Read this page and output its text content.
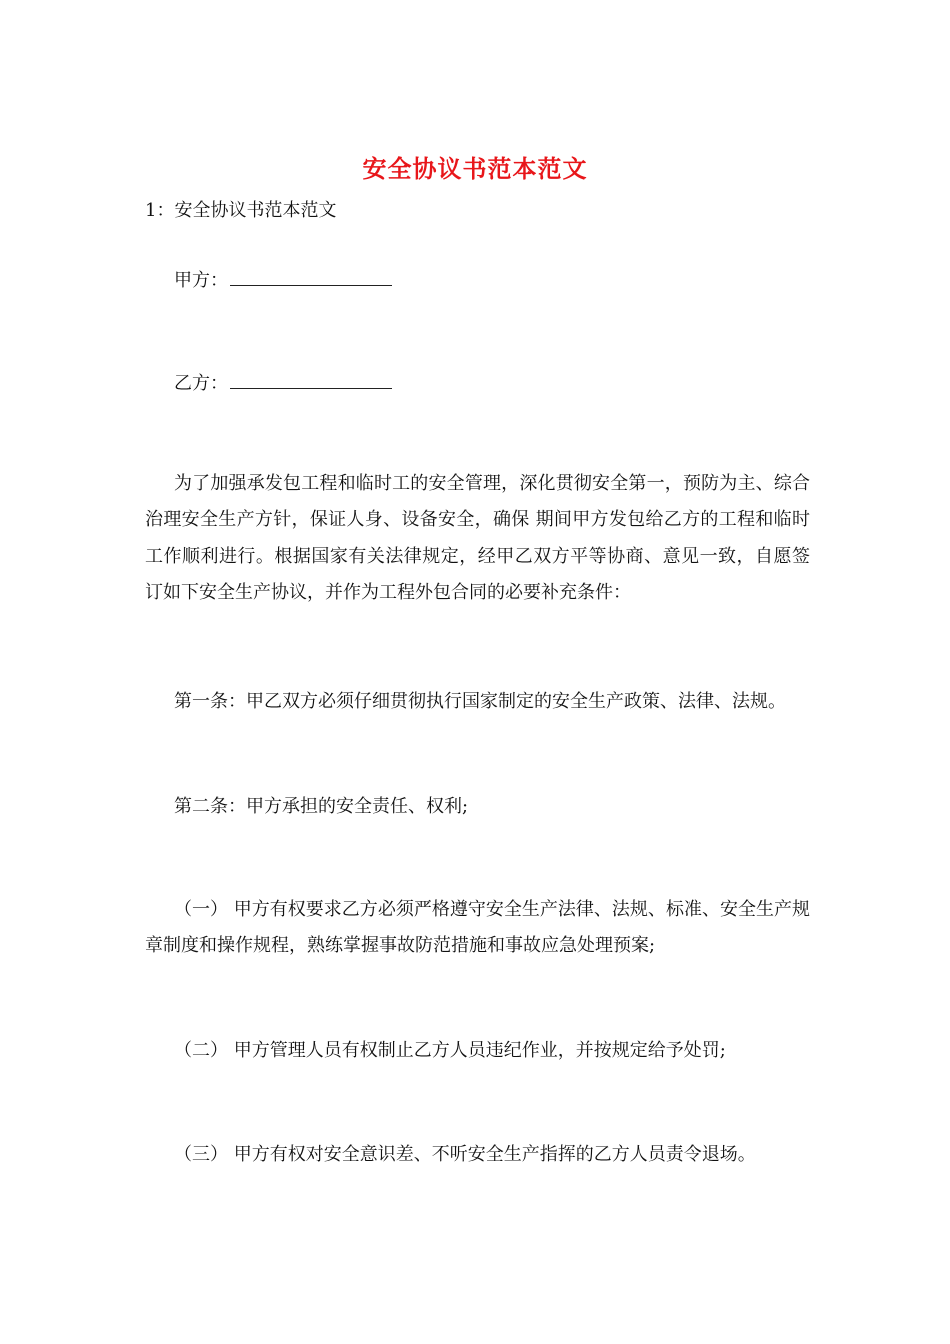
安全协议书范本范文
1：安全协议书范本范文
甲方：
乙方：

为了加强承发包工程和临时工的安全管理，深化贯彻安全第一，预防为主、综合治理安全生产方针，保证人身、设备安全，确保 期间甲方发包给乙方的工程和临时工作顺利进行。根据国家有关法律规定，经甲乙双方平等协商、意见一致，自愿签订如下安全生产协议，并作为工程外包合同的必要补充条件：

第一条：甲乙双方必须仔细贯彻执行国家制定的安全生产政策、法律、法规。

第二条：甲方承担的安全责任、权利;

（一） 甲方有权要求乙方必须严格遵守安全生产法律、法规、标准、安全生产规章制度和操作规程，熟练掌握事故防范措施和事故应急处理预案;

（二） 甲方管理人员有权制止乙方人员违纪作业，并按规定给予处罚;

（三） 甲方有权对安全意识差、不听安全生产指挥的乙方人员责令退场。
